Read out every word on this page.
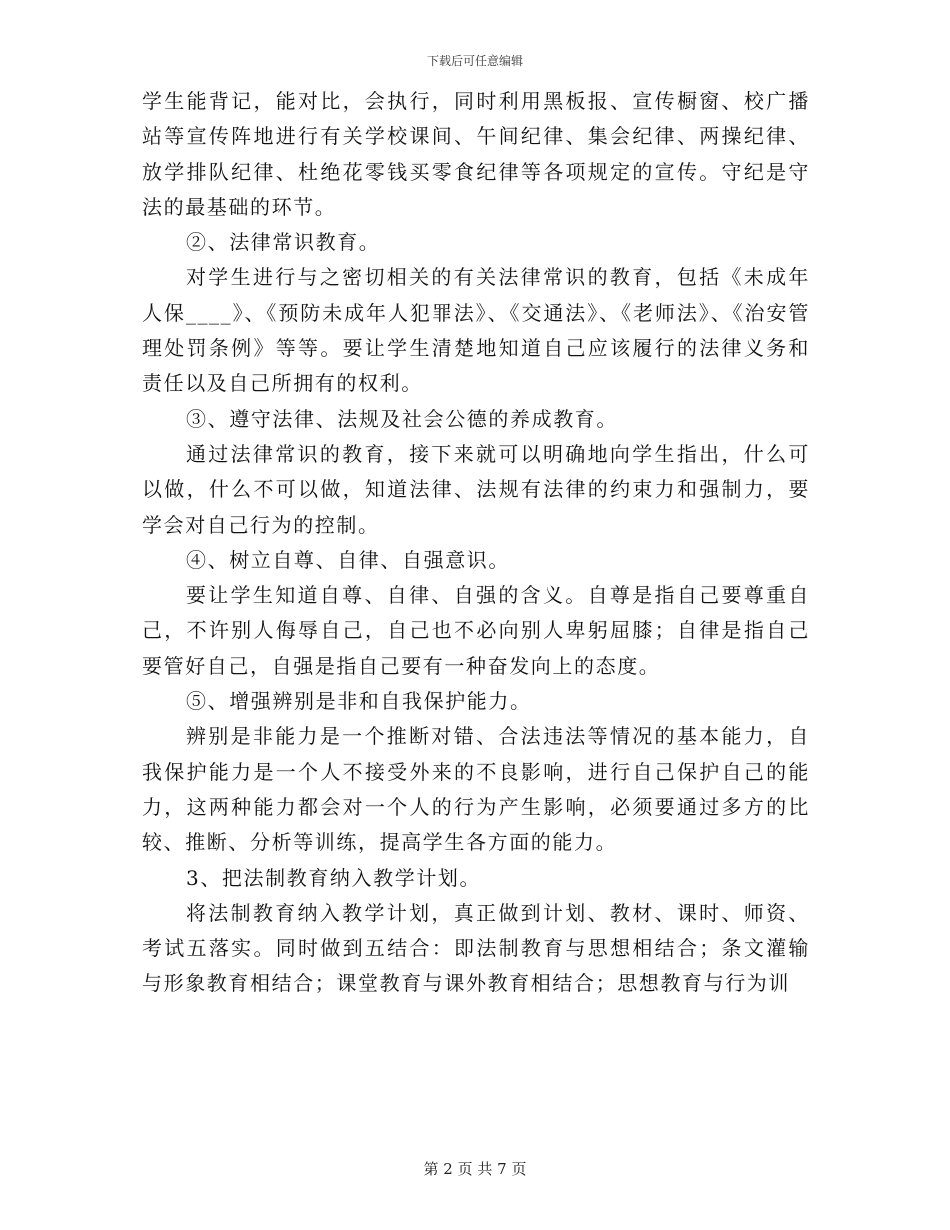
下载后可任意编辑

学生能背记，能对比，会执行，同时利用黑板报、宣传橱窗、校广播站等宣传阵地进行有关学校课间、午间纪律、集会纪律、两操纪律、放学排队纪律、杜绝花零钱买零食纪律等各项规定的宣传。守纪是守法的最基础的环节。

②、法律常识教育。

对学生进行与之密切相关的有关法律常识的教育，包括《未成年人保____》、《预防未成年人犯罪法》、《交通法》、《老师法》、《治安管理处罚条例》等等。要让学生清楚地知道自己应该履行的法律义务和责任以及自己所拥有的权利。

③、遵守法律、法规及社会公德的养成教育。

通过法律常识的教育，接下来就可以明确地向学生指出，什么可以做，什么不可以做，知道法律、法规有法律的约束力和强制力，要学会对自己行为的控制。

④、树立自尊、自律、自强意识。

要让学生知道自尊、自律、自强的含义。自尊是指自己要尊重自己，不许别人侮辱自己，自己也不必向别人卑躬屈膝；自律是指自己要管好自己，自强是指自己要有一种奋发向上的态度。

⑤、增强辨别是非和自我保护能力。

辨别是非能力是一个推断对错、合法违法等情况的基本能力，自我保护能力是一个人不接受外来的不良影响，进行自己保护自己的能力，这两种能力都会对一个人的行为产生影响，必须要通过多方的比较、推断、分析等训练，提高学生各方面的能力。

3、把法制教育纳入教学计划。

将法制教育纳入教学计划，真正做到计划、教材、课时、师资、考试五落实。同时做到五结合：即法制教育与思想相结合；条文灌输与形象教育相结合；课堂教育与课外教育相结合；思想教育与行为训

第 2 页 共 7 页
